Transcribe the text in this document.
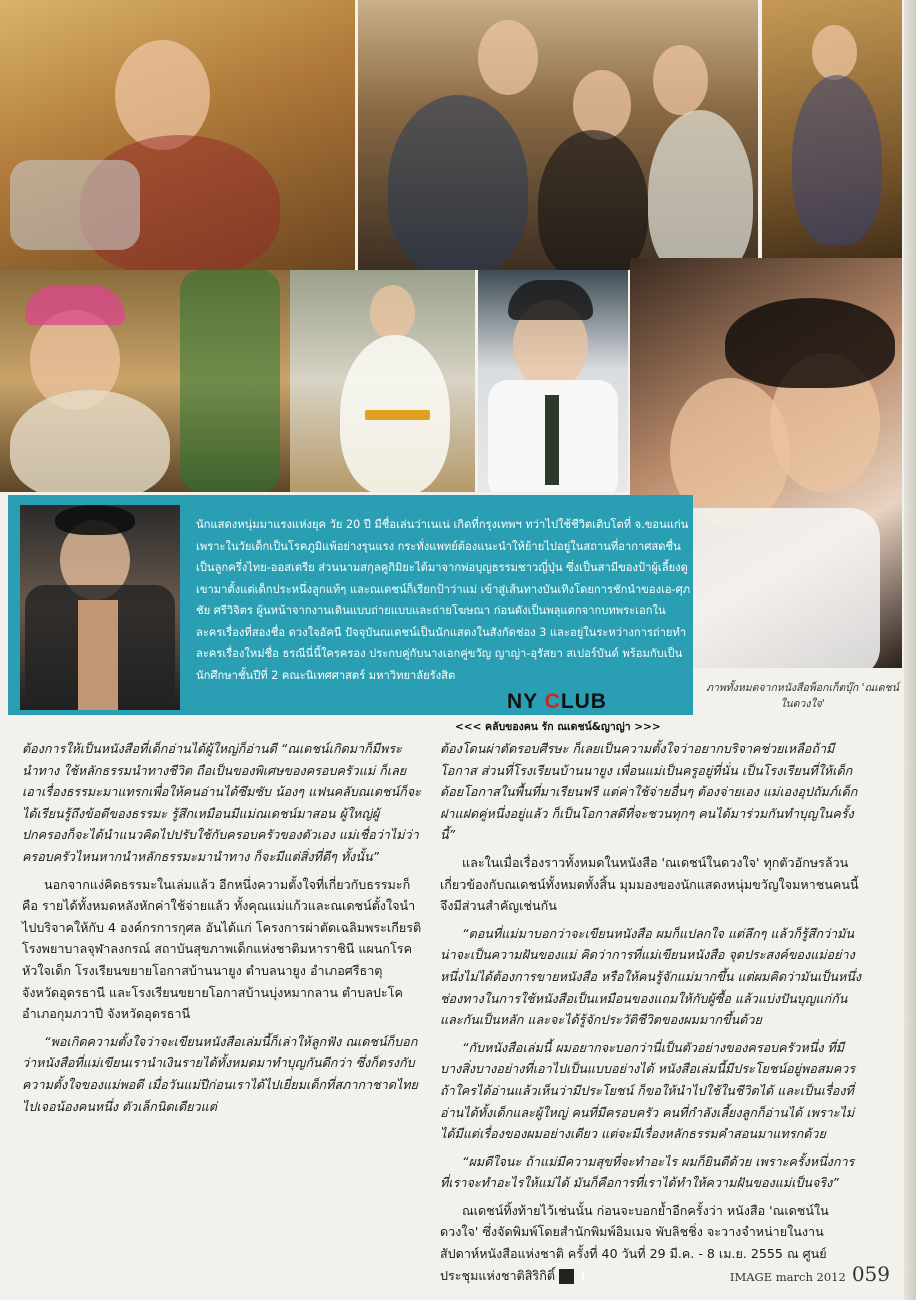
นักแสดงหนุ่มมาแรงแห่งยุค วัย 20 ปี มีชื่อเล่นว่าเนเน่ เกิดที่กรุงเทพฯ ทว่าไปใช้ชีวิตเติบโตที่ จ.ขอนแก่น เพราะในวัยเด็กเป็นโรคภูมิแพ้อย่างรุนแรง กระทั่งแพทย์ต้องแนะนำให้ย้ายไปอยู่ในสถานที่อากาศสดชื่น เป็นลูกครึ่งไทย-ออสเตรีย ส่วนนามสกุลคูกิมิยะได้มาจากพ่อบุญธรรมชาวญี่ปุ่น ซึ่งเป็นสามีของป้าผู้เลี้ยงดูเขามาตั้งแต่เด็กประหนึ่งลูกแท้ๆ และณเดชน์ก็เรียกป้าว่าแม่ เข้าสู่เส้นทางบันเทิงโดยการชักนำของเอ-ศุภชัย ศรีวิจิตร ผู้นหน้าจากงานเดินแบบถ่ายแบบและถ่ายโฆษณา ก่อนดังเป็นพลุแตกจากบทพระเอกในละครเรื่องที่สองชื่อ ดวงใจอัคนี ปัจจุบันณเดชน์เป็นนักแสดงในสังกัดช่อง 3 และอยู่ในระหว่างการถ่ายทำละครเรื่องใหม่ชื่อ ธรณีนี่นี้ใครครอง ประกบคู่กับนางเอกคู่ขวัญ ญาญ่า-อุรัสยา สเปอร์บันด์ พร้อมกับเป็นนักศึกษาชั้นปีที่ 2 คณะนิเทศศาสตร์ มหาวิทยาลัยรังสิต
ภาพทั้งหมดจากหนังสือพ็อกเก็ตบุ๊ก 'ณเดชน์ในดวงใจ'
NY CLUB
<<< คลับของคน รัก ณเดชน์&ญาญ่า >>>

ต้องการให้เป็นหนังสือที่เด็กอ่านได้ผู้ใหญ่ก็อ่านดี “ณเดชน์เกิดมาก็มีพระนำทาง ใช้หลักธรรมนำทางชีวิต ถือเป็นของพิเศษของครอบครัวแม่ ก็เลยเอาเรื่องธรรมะมาแทรกเพื่อให้คนอ่านได้ซึมซับ น้องๆ แฟนคลับณเดชน์ก็จะได้เรียนรู้ถึงข้อดีของธรรมะ รู้สึกเหมือนมีแม่ณเดชน์มาสอน ผู้ใหญ่ผู้ปกครองก็จะได้นำแนวคิดไปปรับใช้กับครอบครัวของตัวเอง แม่เชื่อว่าไม่ว่าครอบครัวไหนหากนำหลักธรรมะมานำทาง ก็จะมีแต่สิ่งที่ดีๆ ทั้งนั้น”

นอกจากแง่คิดธรรมะในเล่มแล้ว อีกหนึ่งความตั้งใจที่เกี่ยวกับธรรมะก็คือ รายได้ทั้งหมดหลังหักค่าใช้จ่ายแล้ว ทั้งคุณแม่แก้วและณเดชน์ตั้งใจนำไปบริจาคให้กับ 4 องค์กรการกุศล อันได้แก่ โครงการผ่าตัดเฉลิมพระเกียรติ โรงพยาบาลจุฬาลงกรณ์ สถาบันสุขภาพเด็กแห่งชาติมหาราชินี แผนกโรคหัวใจเด็ก โรงเรียนขยายโอกาสบ้านนายูง ตำบลนายูง อำเภอศรีธาตุ จังหวัดอุดรธานี และโรงเรียนขยายโอกาสบ้านบุ่งหมากลาน ตำบลปะโค อำเภอกุมภวาปี จังหวัดอุดรธานี

“พอเกิดความตั้งใจว่าจะเขียนหนังสือเล่มนี้ก็เล่าให้ลูกฟัง ณเดชน์ก็บอกว่าหนังสือที่แม่เขียนเรานำเงินรายได้ทั้งหมดมาทำบุญกันดีกว่า ซึ่งก็ตรงกับความตั้งใจของแม่พอดี เมื่อวันแม่ปีก่อนเราได้ไปเยี่ยมเด็กที่สภากาชาดไทย ไปเจอน้องคนหนึ่ง ตัวเล็กนิดเดียวแต่

ต้องโดนผ่าตัดรอบศีรษะ ก็เลยเป็นความตั้งใจว่าอยากบริจาคช่วยเหลือถ้ามีโอกาส ส่วนที่โรงเรียนบ้านนายูง เพื่อนแม่เป็นครูอยู่ที่นั่น เป็นโรงเรียนที่ให้เด็กด้อยโอกาสในพื้นที่มาเรียนฟรี แต่ค่าใช้จ่ายอื่นๆ ต้องจ่ายเอง แม่เองอุปถัมภ์เด็กฝาแฝดคู่หนึ่งอยู่แล้ว ก็เป็นโอกาสดีที่จะชวนทุกๆ คนได้มาร่วมกันทำบุญในครั้งนี้”

และในเมื่อเรื่องราวทั้งหมดในหนังสือ 'ณเดชน์ในดวงใจ' ทุกตัวอักษรล้วนเกี่ยวข้องกับณเดชน์ทั้งหมดทั้งสิ้น มุมมองของนักแสดงหนุ่มขวัญใจมหาชนคนนี้ จึงมีส่วนสำคัญเช่นกัน

“ตอนที่แม่มาบอกว่าจะเขียนหนังสือ ผมก็แปลกใจ แต่ลึกๆ แล้วก็รู้สึกว่ามันน่าจะเป็นความฝันของแม่ คิดว่าการที่แม่เขียนหนังสือ จุดประสงค์ของแม่อย่างหนึ่งไม่ได้ต้องการขายหนังสือ หรือให้คนรู้จักแม่มากขึ้น แต่ผมคิดว่ามันเป็นหนึ่งช่องทางในการใช้หนังสือเป็นเหมือนของแถมให้กับผู้ซื้อ แล้วแบ่งปันบุญแก่กันและกันเป็นหลัก และจะได้รู้จักประวัติชีวิตของผมมากขึ้นด้วย

“กับหนังสือเล่มนี้ ผมอยากจะบอกว่านี่เป็นตัวอย่างของครอบครัวหนึ่ง ที่มีบางสิ่งบางอย่างที่เอาไปเป็นแบบอย่างได้ หนังสือเล่มนี้มีประโยชน์อยู่พอสมควร ถ้าใครได้อ่านแล้วเห็นว่ามีประโยชน์ ก็ขอให้นำไปใช้ในชีวิตได้ และเป็นเรื่องที่อ่านได้ทั้งเด็กและผู้ใหญ่ คนที่มีครอบครัว คนที่กำลังเลี้ยงลูกก็อ่านได้ เพราะไม่ได้มีแต่เรื่องของผมอย่างเดียว แต่จะมีเรื่องหลักธรรมคำสอนมาแทรกด้วย

“ผมดีใจนะ ถ้าแม่มีความสุขที่จะทำอะไร ผมก็ยินดีด้วย เพราะครั้งหนึ่งการที่เราจะทำอะไรให้แม่ได้ มันก็คือการที่เราได้ทำให้ความฝันของแม่เป็นจริง”

ณเดชน์ทิ้งท้ายไว้เช่นนั้น ก่อนจะบอกย้ำอีกครั้งว่า หนังสือ 'ณเดชน์ในดวงใจ' ซึ่งจัดพิมพ์โดยสำนักพิมพ์อิมเมจ พับลิชชิ่ง จะวางจำหน่ายในงานสัปดาห์หนังสือแห่งชาติ ครั้งที่ 40 วันที่ 29 มี.ค. - 8 เม.ย. 2555 ณ ศูนย์ประชุมแห่งชาติสิริกิติ์ i	IMAGE march 2012 059
